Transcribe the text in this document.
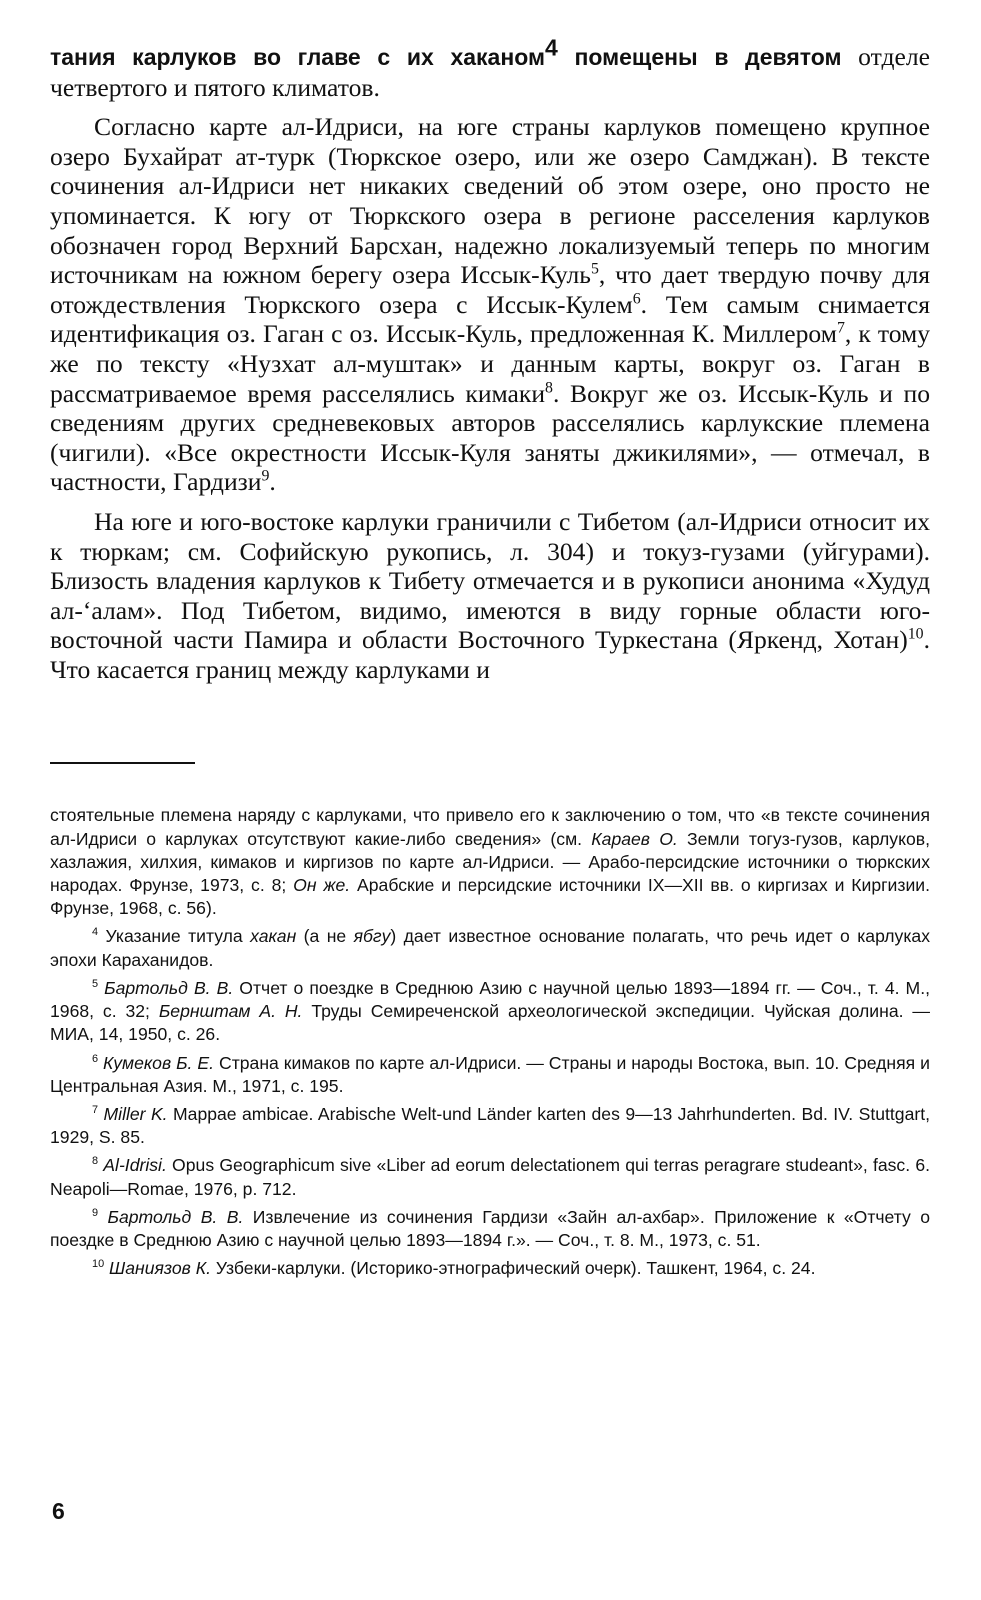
тания карлуков во главе с их хаканом$^4$ помещены в девятом отделе четвертого и пятого климатов.

Согласно карте ал-Идриси, на юге страны карлуков помещено крупное озеро Бухайрат ат-турк (Тюркское озеро, или же озеро Самджан). В тексте сочинения ал-Идриси нет никаких сведений об этом озере, оно просто не упоминается. К югу от Тюркского озера в регионе расселения карлуков обозначен город Верхний Барсхан, надежно локализуемый теперь по многим источникам на южном берегу озера Иссык-Куль$^5$, что дает твердую почву для отождествления Тюркского озера с Иссык-Кулем$^6$. Тем самым снимается идентификация оз. Гаган с оз. Иссык-Куль, предложенная К. Миллером$^7$, к тому же по тексту «Нузхат ал-муштак» и данным карты, вокруг оз. Гаган в рассматриваемое время расселялись кимаки$^8$. Вокруг же оз. Иссык-Куль и по сведениям других средневековых авторов расселялись карлукские племена (чигили). «Все окрестности Иссык-Куля заняты джикилями», — отмечал, в частности, Гардизи$^9$.

На юге и юго-востоке карлуки граничили с Тибетом (ал-Идриси относит их к тюркам; см. Софийскую рукопись, л. 304) и токуз-гузами (уйгурами). Близость владения карлуков к Тибету отмечается и в рукописи анонима «Худуд ал-‘алам». Под Тибетом, видимо, имеются в виду горные области юго-восточной части Памира и области Восточного Туркестана (Яркенд, Хотан)$^{10}$. Что касается границ между карлуками и

стоятельные племена наряду с карлуками, что привело его к заключению о том, что «в тексте сочинения ал-Идриси о карлуках отсутствуют какие-либо сведения» (см. Караев О. Земли тогуз-гузов, карлуков, хазлажия, хилхия, кимаков и киргизов по карте ал-Идриси. — Арабо-персидские источники о тюркских народах. Фрунзе, 1973, с. 8; Он же. Арабские и персидские источники IX—XII вв. о киргизах и Киргизии. Фрунзе, 1968, с. 56).

$^4$ Указание титула хакан (а не ябгу) дает известное основание полагать, что речь идет о карлуках эпохи Караханидов.

$^5$ Бартольд В. В. Отчет о поездке в Среднюю Азию с научной целью 1893—1894 гг. — Соч., т. 4. М., 1968, с. 32; Бернштам А. Н. Труды Семиреченской археологической экспедиции. Чуйская долина. — МИА, 14, 1950, с. 26.

$^6$ Кумеков Б. Е. Страна кимаков по карте ал-Идриси. — Страны и народы Востока, вып. 10. Средняя и Центральная Азия. М., 1971, с. 195.

$^7$ Miller K. Mappae ambicae. Arabische Welt-und Länder karten des 9—13 Jahrhunderten. Bd. IV. Stuttgart, 1929, S. 85.

$^8$ Al-Idrisi. Opus Geographicum sive «Liber ad eorum delectationem qui terras peragrare studeant», fasc. 6. Neapoli—Romae, 1976, p. 712.

$^9$ Бартольд В. В. Извлечение из сочинения Гардизи «Зайн ал-ахбар». Приложение к «Отчету о поездке в Среднюю Азию с научной целью 1893—1894 г.». — Соч., т. 8. М., 1973, с. 51.

$^{10}$ Шаниязов К. Узбеки-карлуки. (Историко-этнографический очерк). Ташкент, 1964, с. 24.

6
